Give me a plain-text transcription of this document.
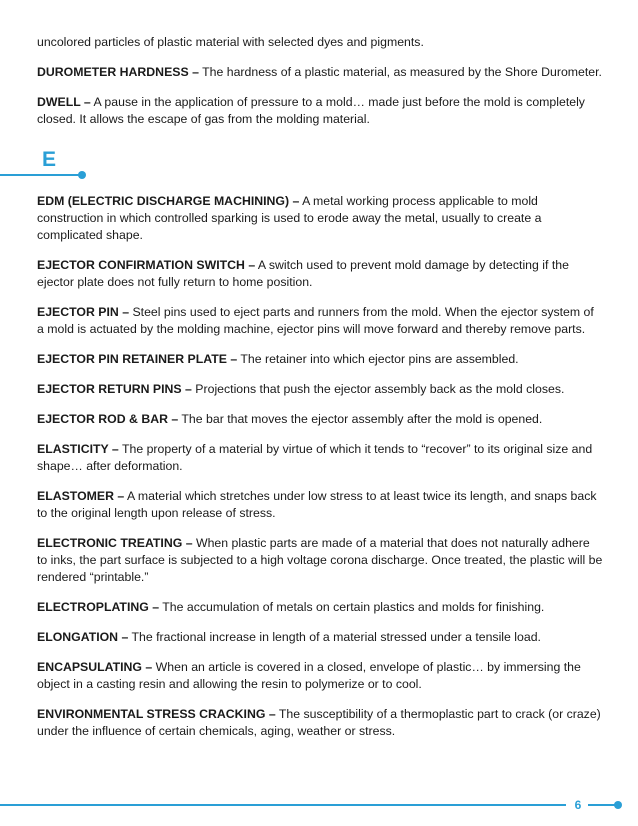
uncolored particles of plastic material with selected dyes and pigments.

DUROMETER HARDNESS – The hardness of a plastic material, as measured by the Shore Durometer.

DWELL – A pause in the application of pressure to a mold… made just before the mold is completely closed. It allows the escape of gas from the molding material.

EDM (ELECTRIC DISCHARGE MACHINING) – A metal working process applicable to mold construction in which controlled sparking is used to erode away the metal, usually to create a complicated shape.

EJECTOR CONFIRMATION SWITCH – A switch used to prevent mold damage by detecting if the ejector plate does not fully return to home position.

EJECTOR PIN – Steel pins used to eject parts and runners from the mold. When the ejector system of a mold is actuated by the molding machine, ejector pins will move forward and thereby remove parts.

EJECTOR PIN RETAINER PLATE – The retainer into which ejector pins are assembled.

EJECTOR RETURN PINS – Projections that push the ejector assembly back as the mold closes.

EJECTOR ROD & BAR – The bar that moves the ejector assembly after the mold is opened.

ELASTICITY – The property of a material by virtue of which it tends to “recover” to its original size and shape… after deformation.

ELASTOMER – A material which stretches under low stress to at least twice its length, and snaps back to the original length upon release of stress.

ELECTRONIC TREATING – When plastic parts are made of a material that does not naturally adhere to inks, the part surface is subjected to a high voltage corona discharge. Once treated, the plastic will be rendered “printable.”

ELECTROPLATING – The accumulation of metals on certain plastics and molds for finishing.

ELONGATION – The fractional increase in length of a material stressed under a tensile load.

ENCAPSULATING – When an article is covered in a closed, envelope of plastic… by immersing the object in a casting resin and allowing the resin to polymerize or to cool.

ENVIRONMENTAL STRESS CRACKING – The susceptibility of a thermoplastic part to crack (or craze) under the influence of certain chemicals, aging, weather or stress.

E
6
